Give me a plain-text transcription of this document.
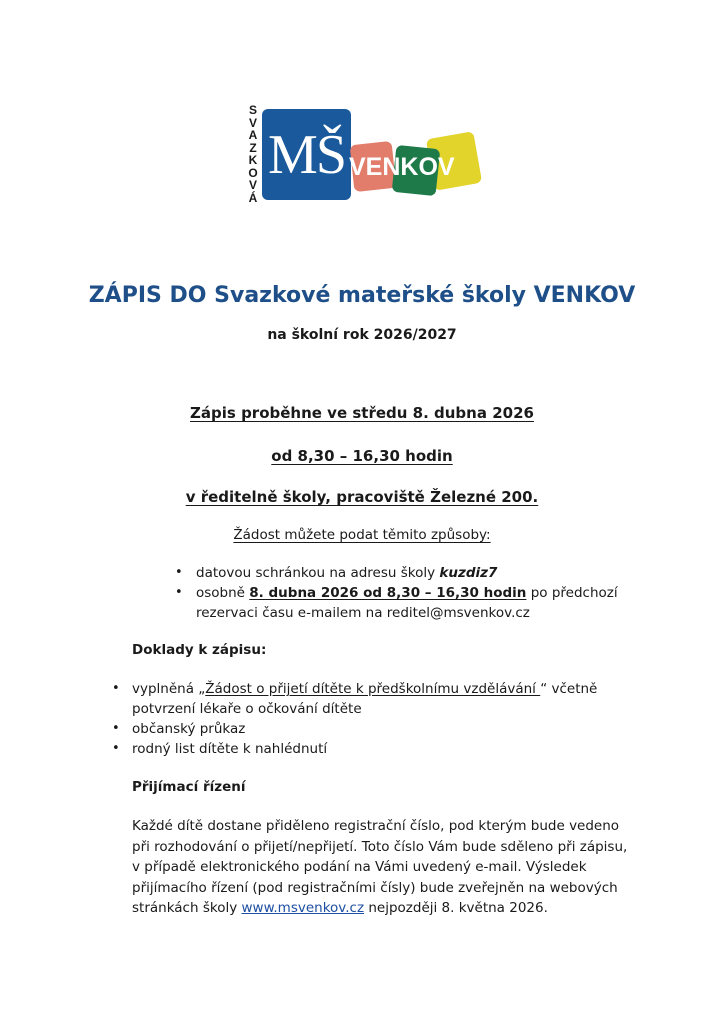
S
V
A
Z
K
O
V
Á
MŠ VENKOV
ZÁPIS DO Svazkové mateřské školy VENKOV
na školní rok 2026/2027
Zápis proběhne ve středu 8. dubna 2026
od 8,30 – 16,30 hodin
v ředitelně školy, pracoviště Železné 200.
Žádost můžete podat těmito způsoby:
• datovou schránkou na adresu školy kuzdiz7
• osobně 8. dubna 2026 od 8,30 – 16,30 hodin po předchozí
rezervaci času e-mailem na reditel@msvenkov.cz
Doklady k zápisu:
• vyplněná „Žádost o přijetí dítěte k předškolnímu vzdělávání “ včetně
potvrzení lékaře o očkování dítěte
• občanský průkaz
• rodný list dítěte k nahlédnutí
Přijímací řízení
Každé dítě dostane přiděleno registrační číslo, pod kterým bude vedeno
při rozhodování o přijetí/nepřijetí. Toto číslo Vám bude sděleno při zápisu,
v případě elektronického podání na Vámi uvedený e-mail. Výsledek
přijímacího řízení (pod registračními čísly) bude zveřejněn na webových
stránkách školy www.msvenkov.cz nejpozději 8. května 2026.
